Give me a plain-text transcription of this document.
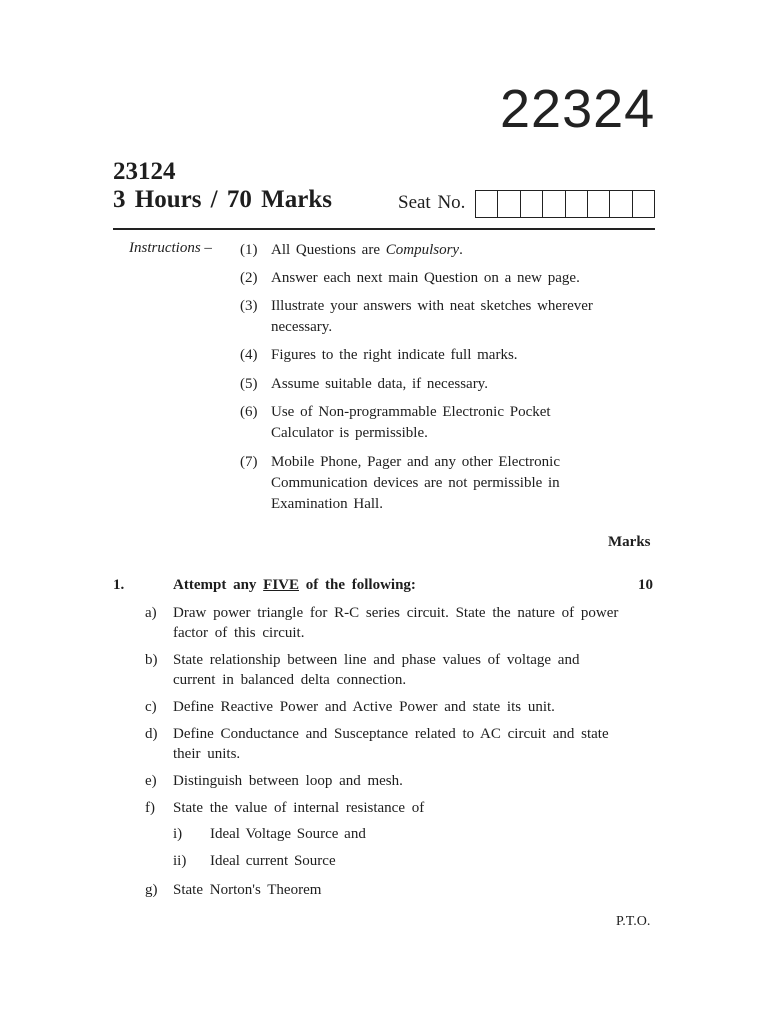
22324
23124
3 Hours / 70 Marks	Seat No.
Instructions – (1) All Questions are Compulsory.
(2) Answer each next main Question on a new page.
(3) Illustrate your answers with neat sketches wherever necessary.
(4) Figures to the right indicate full marks.
(5) Assume suitable data, if necessary.
(6) Use of Non-programmable Electronic Pocket Calculator is permissible.
(7) Mobile Phone, Pager and any other Electronic Communication devices are not permissible in Examination Hall.
Marks
1.	Attempt any FIVE of the following:	10
a)	Draw power triangle for R-C series circuit. State the nature of power factor of this circuit.
b)	State relationship between line and phase values of voltage and current in balanced delta connection.
c)	Define Reactive Power and Active Power and state its unit.
d)	Define Conductance and Susceptance related to AC circuit and state their units.
e)	Distinguish between loop and mesh.
f)	State the value of internal resistance of
i)	Ideal Voltage Source and
ii)	Ideal current Source
g)	State Norton's Theorem
P.T.O.
